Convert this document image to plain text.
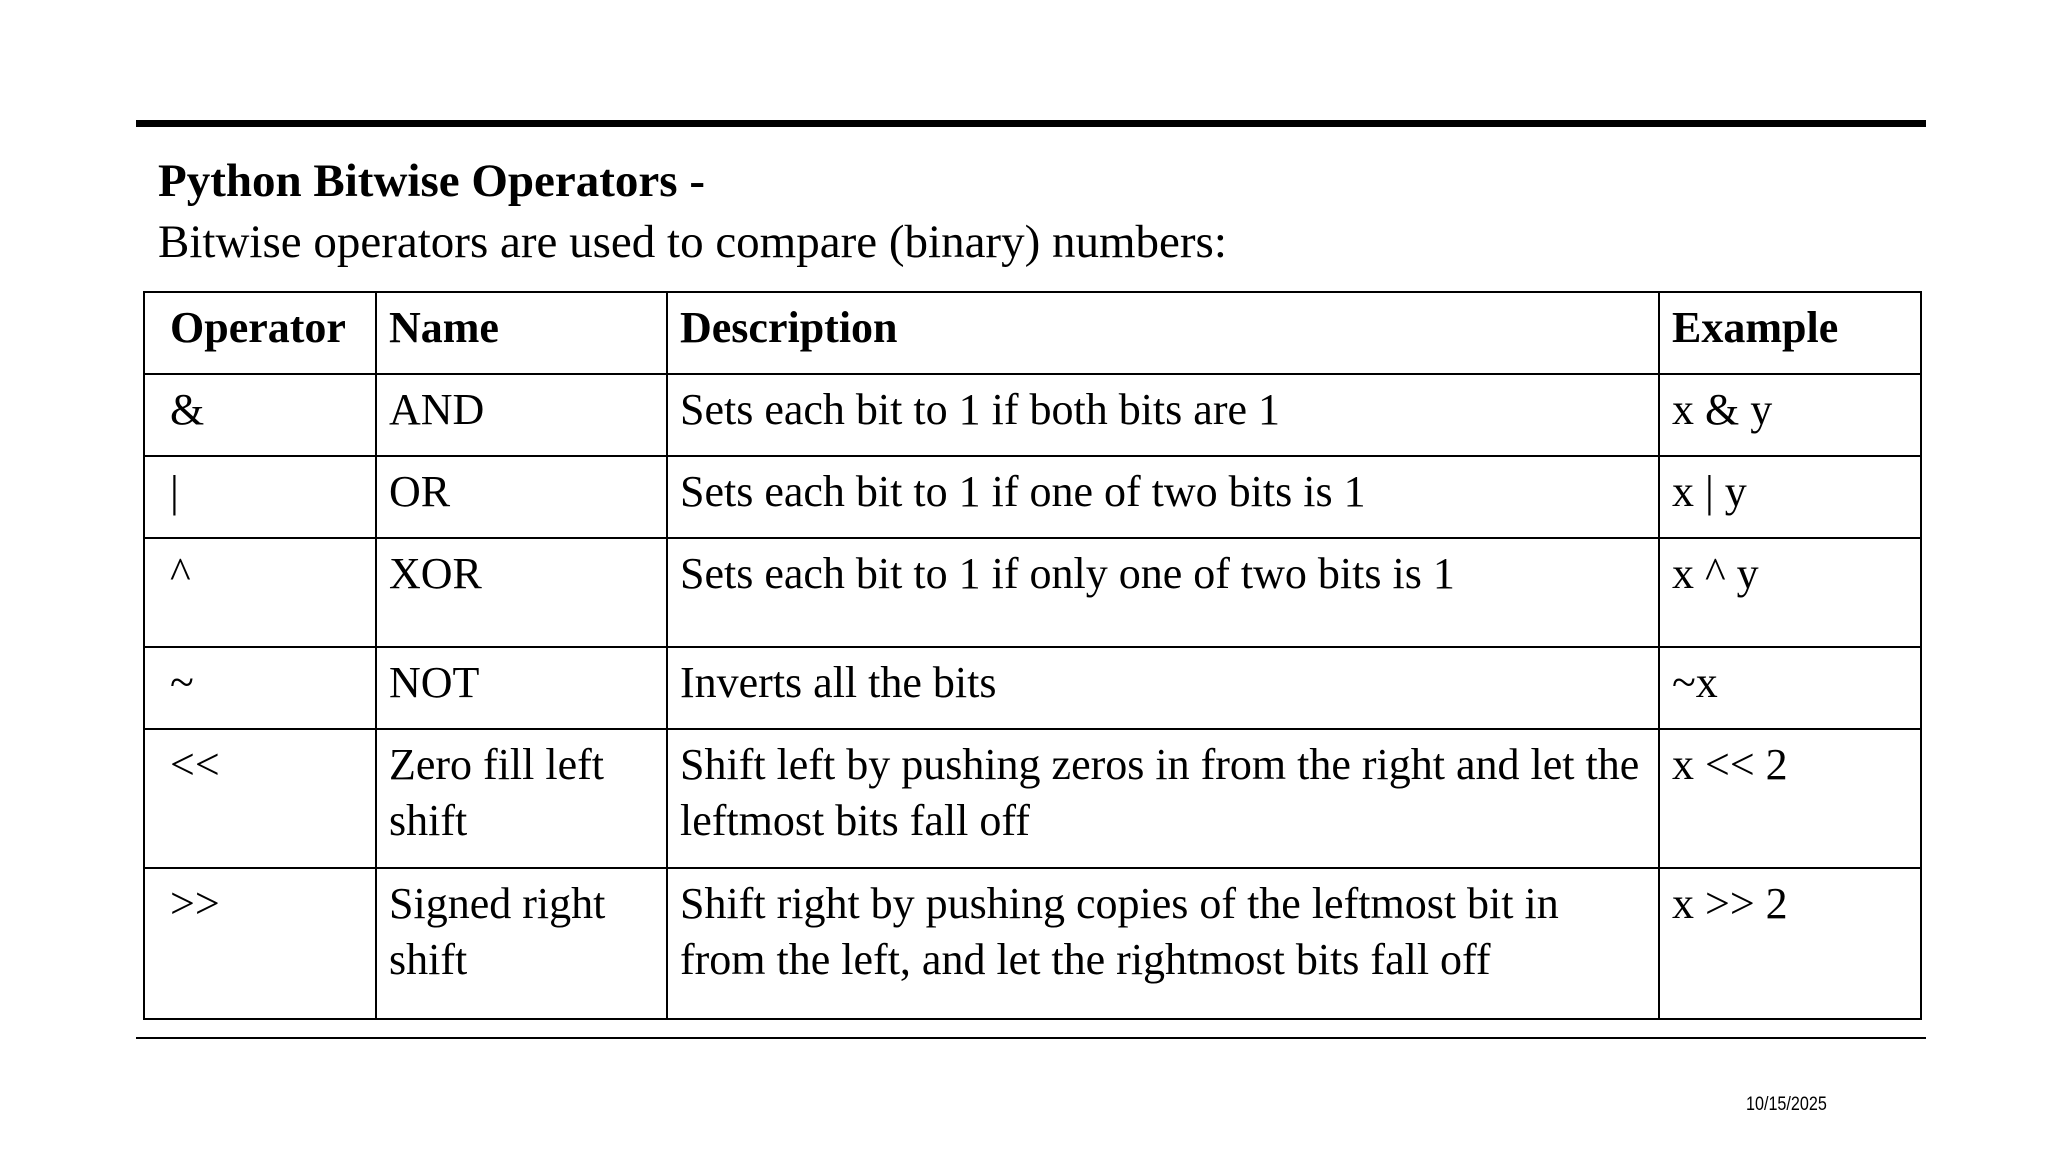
Python Bitwise Operators -
Bitwise operators are used to compare (binary) numbers:
Operator	Name	Description	Example
&	AND	Sets each bit to 1 if both bits are 1	x & y
|	OR	Sets each bit to 1 if one of two bits is 1	x | y
^	XOR	Sets each bit to 1 if only one of two bits is 1	x ^ y
~	NOT	Inverts all the bits	~x
<<	Zero fill left shift	Shift left by pushing zeros in from the right and let the leftmost bits fall off	x << 2
>>	Signed right shift	Shift right by pushing copies of the leftmost bit in from the left, and let the rightmost bits fall off	x >> 2
10/15/2025
